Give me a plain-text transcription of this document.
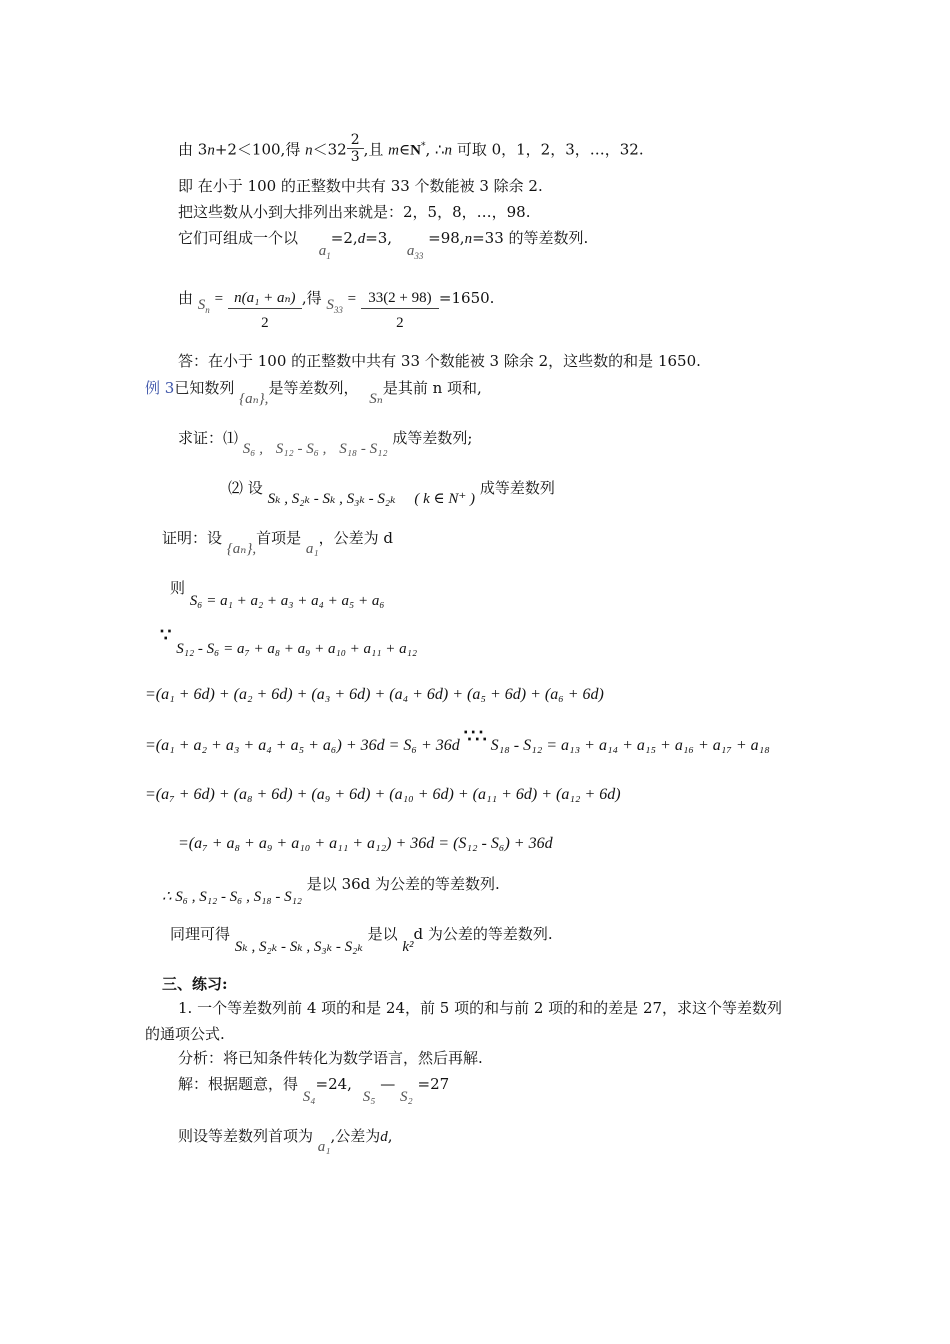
由 3n+2＜100,得 $n<32 \frac{2}{3}$ ,且 m∈N*, ∴n 可取 0，1，2，3，…，32.
即 在小于 100 的正整数中共有 33 个数能被 3 除余 2.
把这些数从小到大排列出来就是：2，5，8，…，98.
它们可组成一个以 $a_1=2,d=3$, $a_{33} =98,n=33$ 的等差数列.
由 $S_n = \frac{\text{n(a₁ + aₙ)}}{2}$ ,得 $S_{33} = \frac{33(2 + 98)}{2} =1650$.
答：在小于 100 的正整数中共有 33 个数能被 3 除余 2，这些数的和是 1650.
例 3已知数列 {aₙ},是等差数列， Sₙ是其前 n 项和,
求证：⑴ S₆ , S₁₂ - S₆ , S₁₈ - S₁₂ 成等差数列;
⑵ 设 Sₖ , S₂ₖ - Sₖ , S₃ₖ - S₂ₖ ( k ∈ N⁺ ) 成等差数列
证明：设 {aₙ},首项是 a₁，公差为 d
则 S₆ = a₁ + a₂ + a₃ + a₄ + a₅ + a₆
∵ S₁₂ - S₆ = a₇ + a₈ + a₉ + a₁₀ + a₁₁ + a₁₂
=(a₁ + 6d) + (a₂ + 6d) + (a₃ + 6d) + (a₄ + 6d) + (a₅ + 6d) + (a₆ + 6d)
=(a₁ + a₂ + a₃ + a₄ + a₅ + a₆) + 36d = S₆ + 36d ∵∴ S₁₈ - S₁₂ = a₁₃ + a₁₄ + a₁₅ + a₁₆ + a₁₇ + a₁₈
=(a₇ + 6d) + (a₈ + 6d) + (a₉ + 6d) + (a₁₀ + 6d) + (a₁₁ + 6d) + (a₁₂ + 6d)
=(a₇ + a₈ + a₉ + a₁₀ + a₁₁ + a₁₂) + 36d = (S₁₂ - S₆) + 36d
∴ S₆ , S₁₂ - S₆ , S₁₈ - S₁₂ 是以 36d 为公差的等差数列.
同理可得 Sₖ , S₂ₖ - Sₖ , S₃ₖ - S₂ₖ 是以 k²d 为公差的等差数列.
三、练习:
1. 一个等差数列前 4 项的和是 24，前 5 项的和与前 2 项的和的差是 27，求这个等差数列
的通项公式.
分析：将已知条件转化为数学语言，然后再解.
解：根据题意，得 S₄=24, S₅ — S₂ =27
则设等差数列首项为 a₁,公差为d,
